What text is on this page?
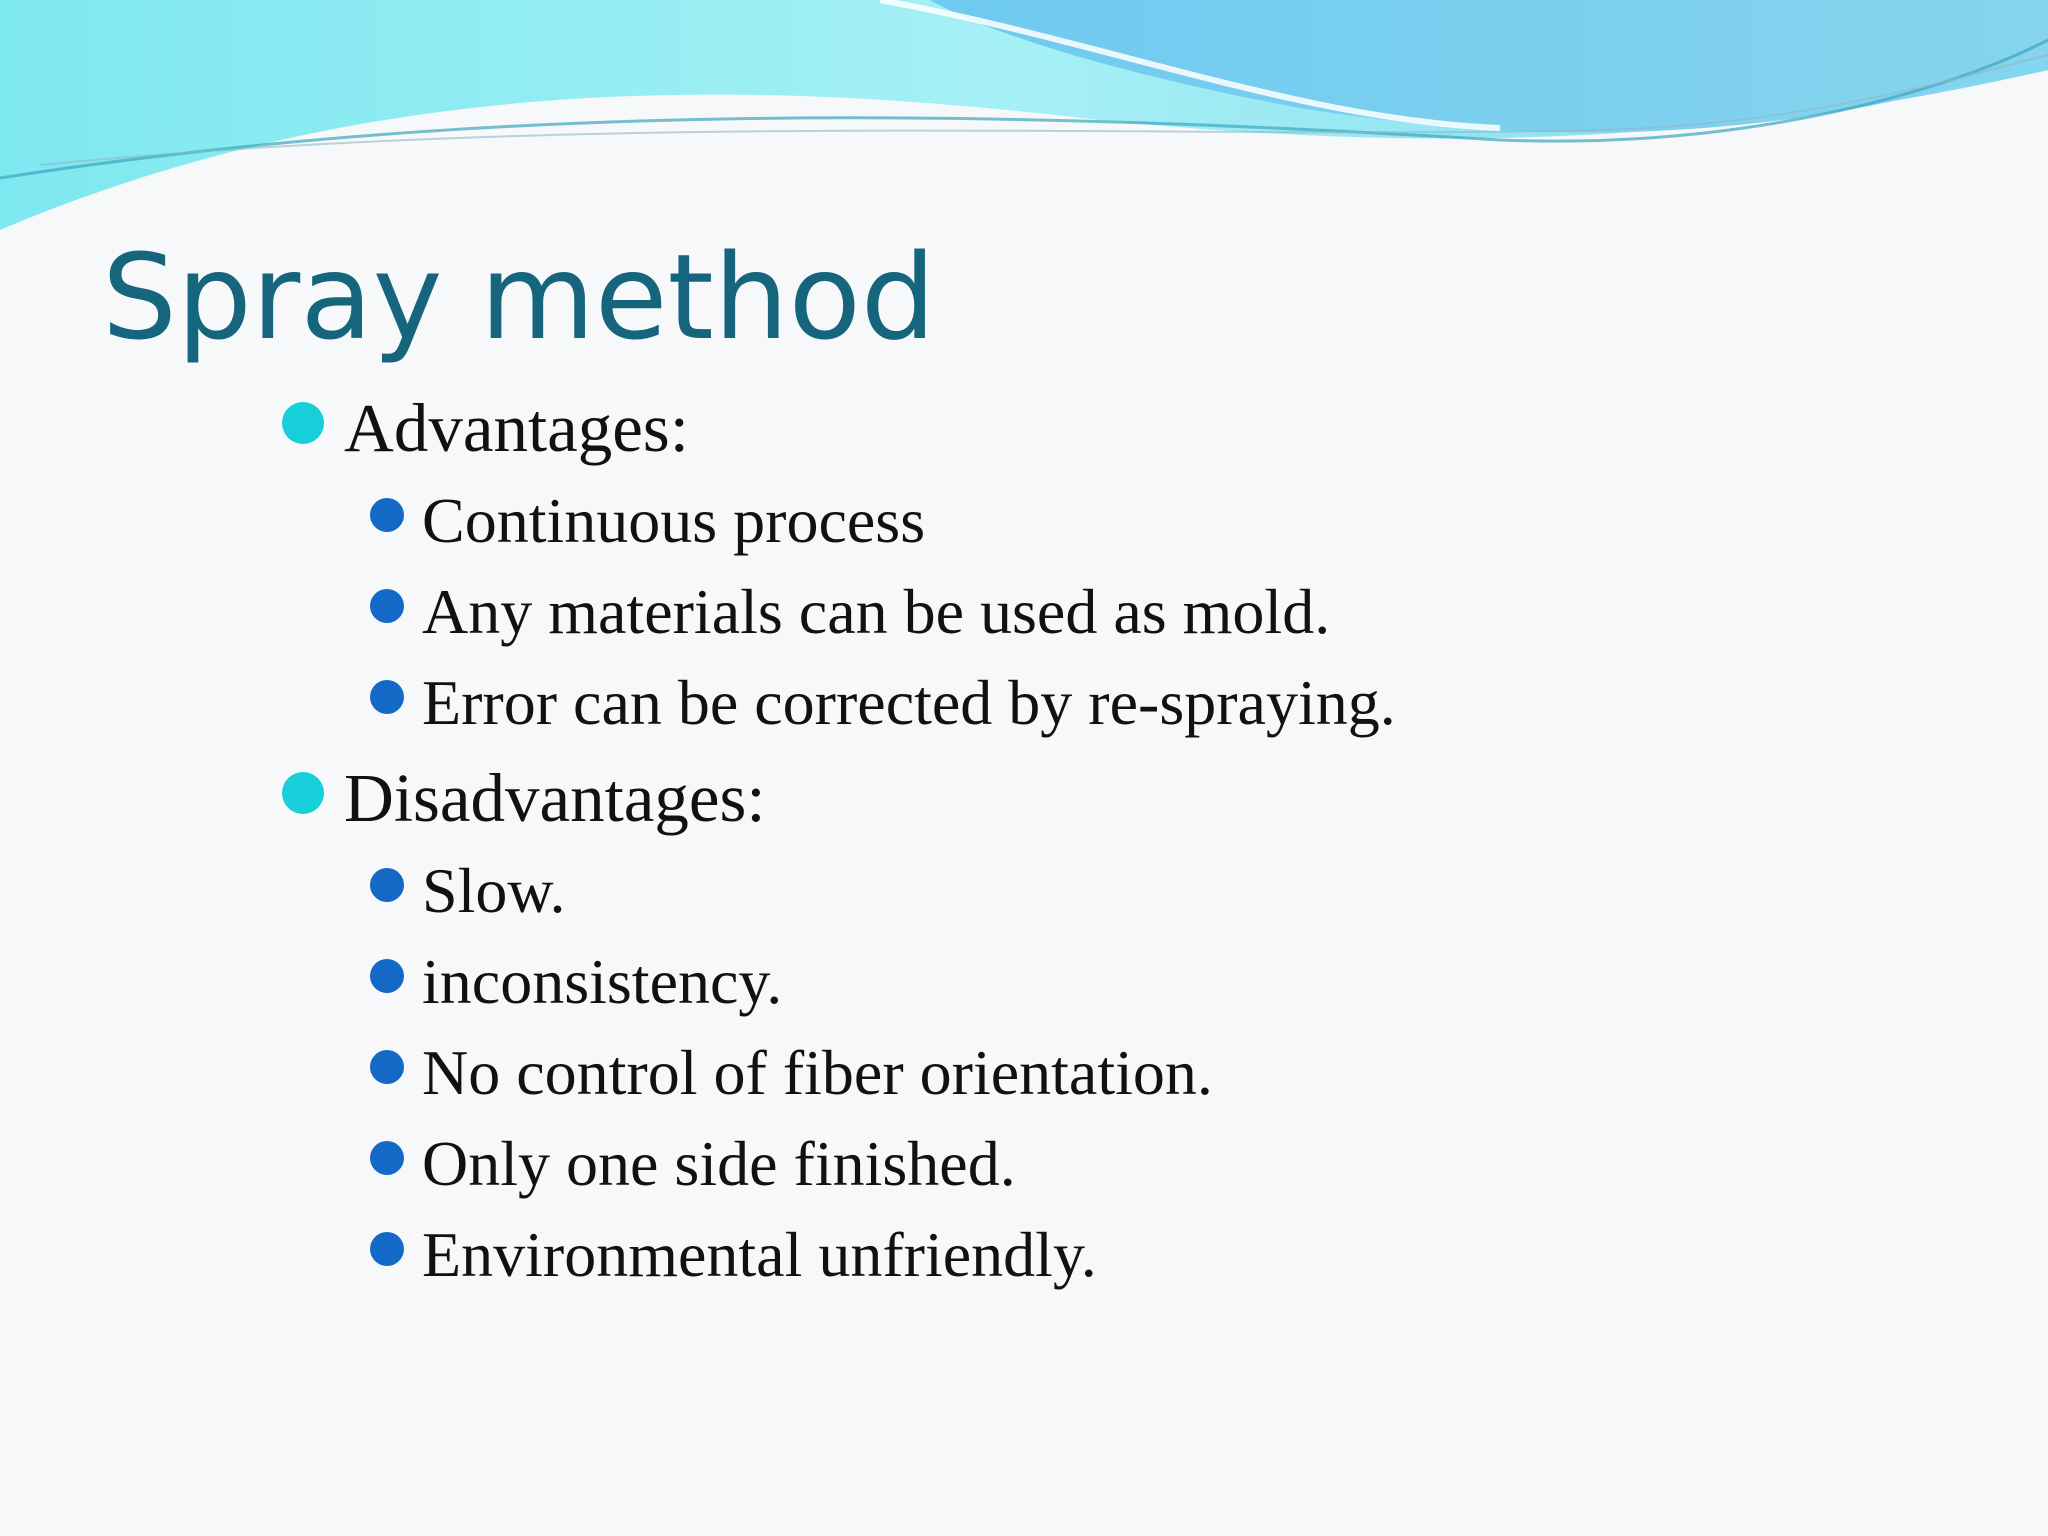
Spray method
Advantages:
Continuous process
Any materials can be used as mold.
Error can be corrected by re-spraying.
Disadvantages:
Slow.
inconsistency.
No control of fiber orientation.
Only one side finished.
Environmental unfriendly.
